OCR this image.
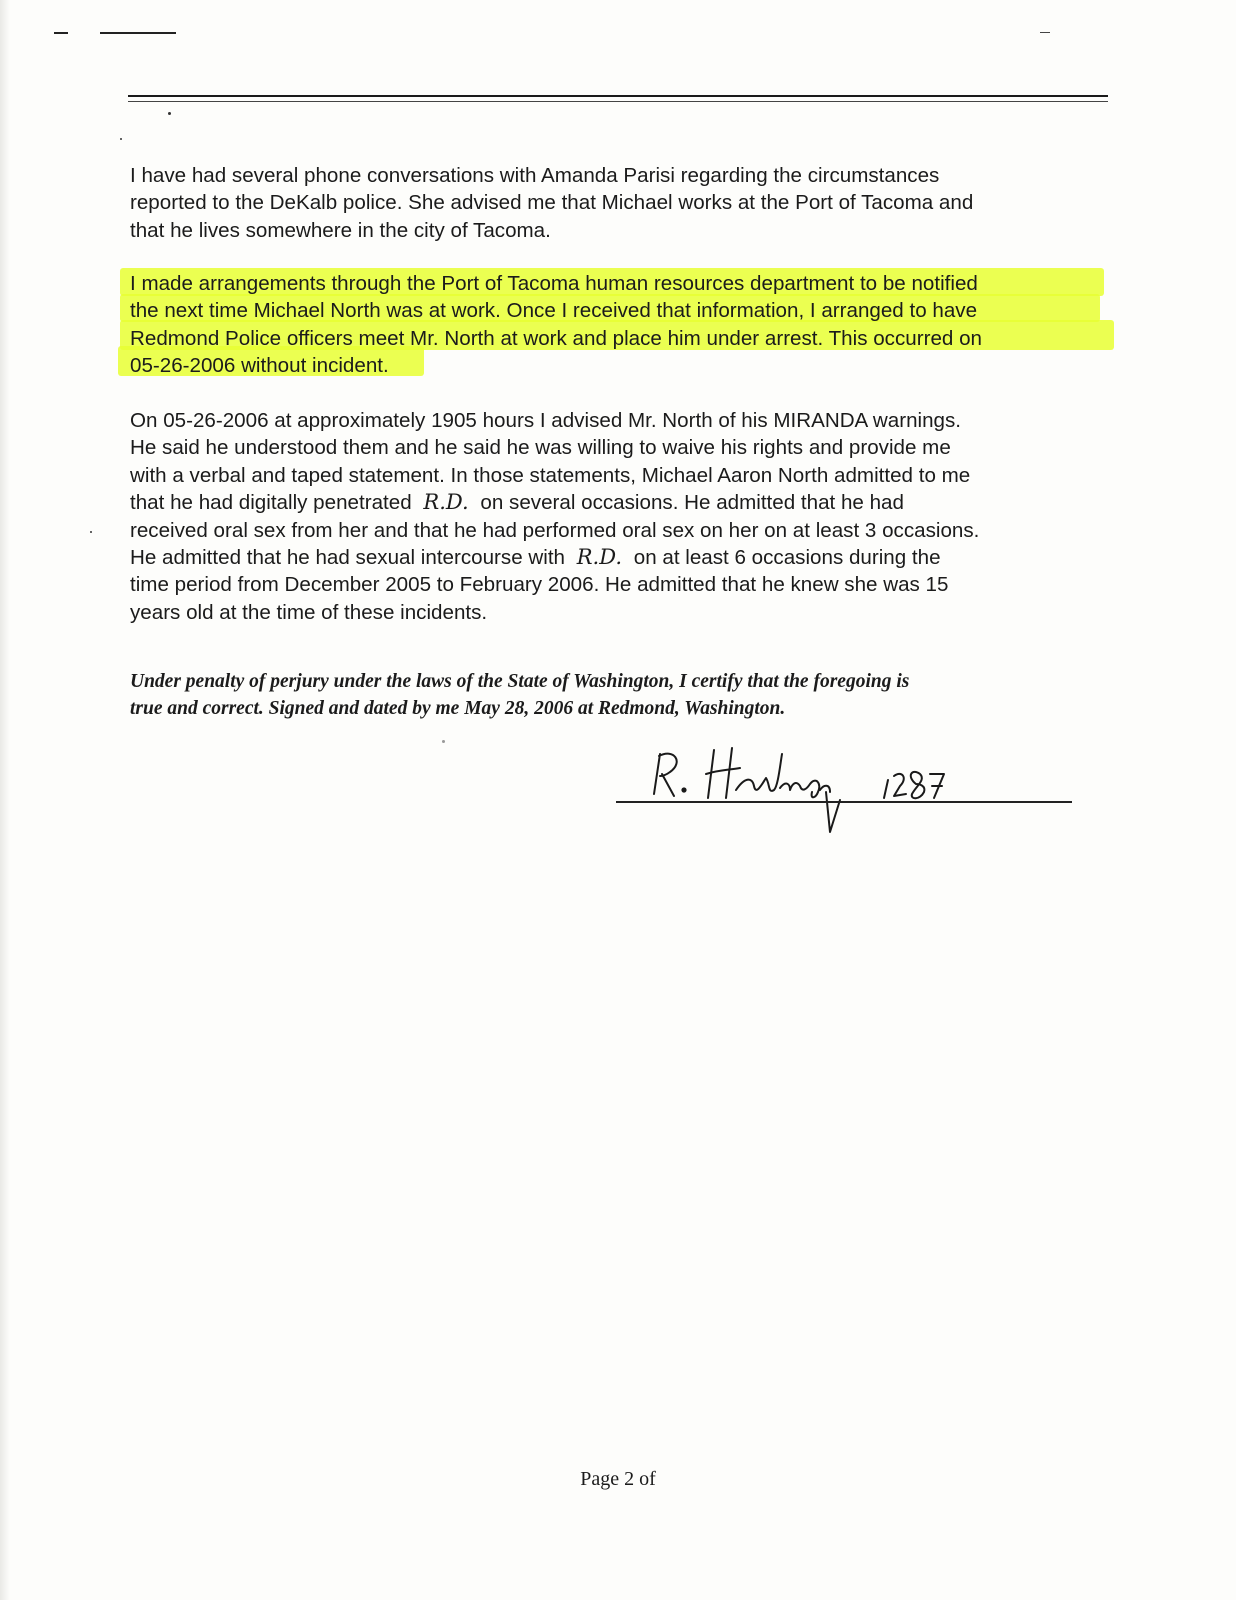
I have had several phone conversations with Amanda Parisi regarding the circumstances
reported to the DeKalb police. She advised me that Michael works at the Port of Tacoma and
that he lives somewhere in the city of Tacoma.

I made arrangements through the Port of Tacoma human resources department to be notified
the next time Michael North was at work. Once I received that information, I arranged to have
Redmond Police officers meet Mr. North at work and place him under arrest. This occurred on
05-26-2006 without incident.

On 05-26-2006 at approximately 1905 hours I advised Mr. North of his MIRANDA warnings.
He said he understood them and he said he was willing to waive his rights and provide me
with a verbal and taped statement. In those statements, Michael Aaron North admitted to me
that he had digitally penetrated R.D. on several occasions. He admitted that he had
received oral sex from her and that he had performed oral sex on her on at least 3 occasions.
He admitted that he had sexual intercourse with R.D. on at least 6 occasions during the
time period from December 2005 to February 2006. He admitted that he knew she was 15
years old at the time of these incidents.

Under penalty of perjury under the laws of the State of Washington, I certify that the foregoing is
true and correct. Signed and dated by me May 28, 2006 at Redmond, Washington.

Page 2 of
